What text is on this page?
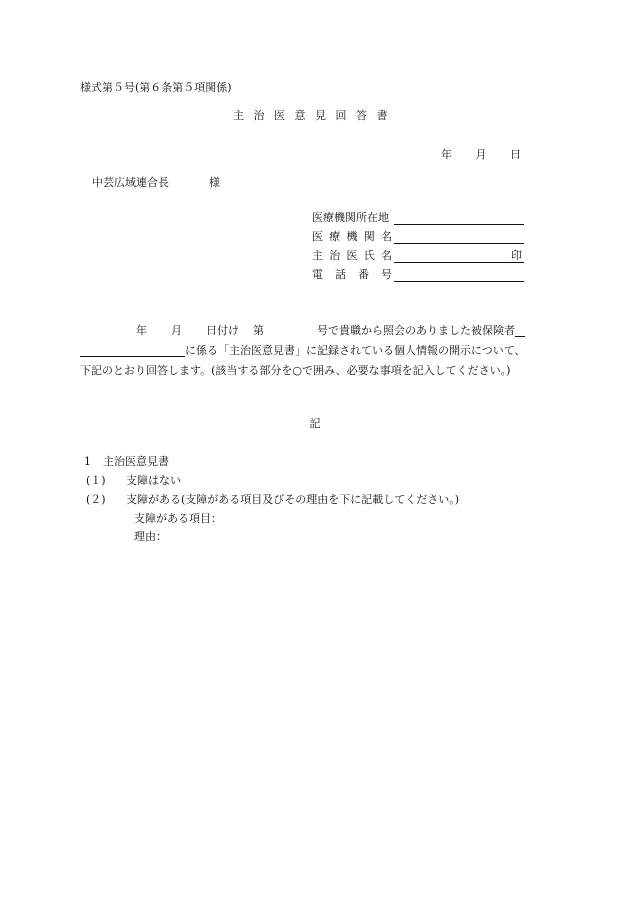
様式第５号(第６条第５項関係)
主治医意見回答書
年 月 日
中芸広域連合長	様
医療機関所在地
医療機関名
主治医氏名	印
電話番号
年 月 日付け 第	号で貴職から照会のありました被保険者
に係る「主治医意見書」に記録されている個人情報の開示について、
下記のとおり回答します。(該当する部分を○で囲み、必要な事項を記入してください。)
記
1 主治医意見書
(１) 支障はない
(２) 支障がある(支障がある項目及びその理由を下に記載してください。)
支障がある項目：
理由：
